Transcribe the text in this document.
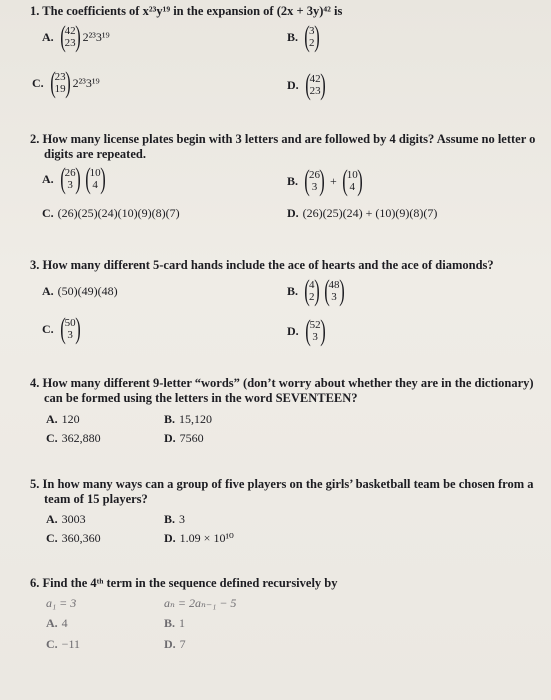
1. The coefficients of x²³y¹⁹ in the expansion of (2x + 3y)⁴² is
A. ( 42
23 ) 2²³3¹⁹	B. ( 3
2 )
C. ( 23
19 ) 2²³3¹⁹	D. ( 42
23 )
2. How many license plates begin with 3 letters and are followed by 4 digits? Assume no letter o
digits are repeated.
A. ( 26
3 ) ( 10
4 )	B. ( 26
3 ) + ( 10
4 )
C. (26)(25)(24)(10)(9)(8)(7)	D. (26)(25)(24) + (10)(9)(8)(7)
3. How many different 5-card hands include the ace of hearts and the ace of diamonds?
A. (50)(49)(48)	B. ( 4
2 ) ( 48
3 )
C. ( 50
3 )	D. ( 52
3 )
4. How many different 9-letter “words” (don’t worry about whether they are in the dictionary)
can be formed using the letters in the word SEVENTEEN?
A. 120	B. 15,120
C. 362,880	D. 7560
5. In how many ways can a group of five players on the girls’ basketball team be chosen from a
team of 15 players?
A. 3003	B. 3
C. 360,360	D. 1.09 × 10¹⁰
6. Find the 4ᵗʰ term in the sequence defined recursively by
a₁ = 3	aₙ = 2aₙ₋₁ − 5
A. 4	B. 1
C. −11	D. 7
